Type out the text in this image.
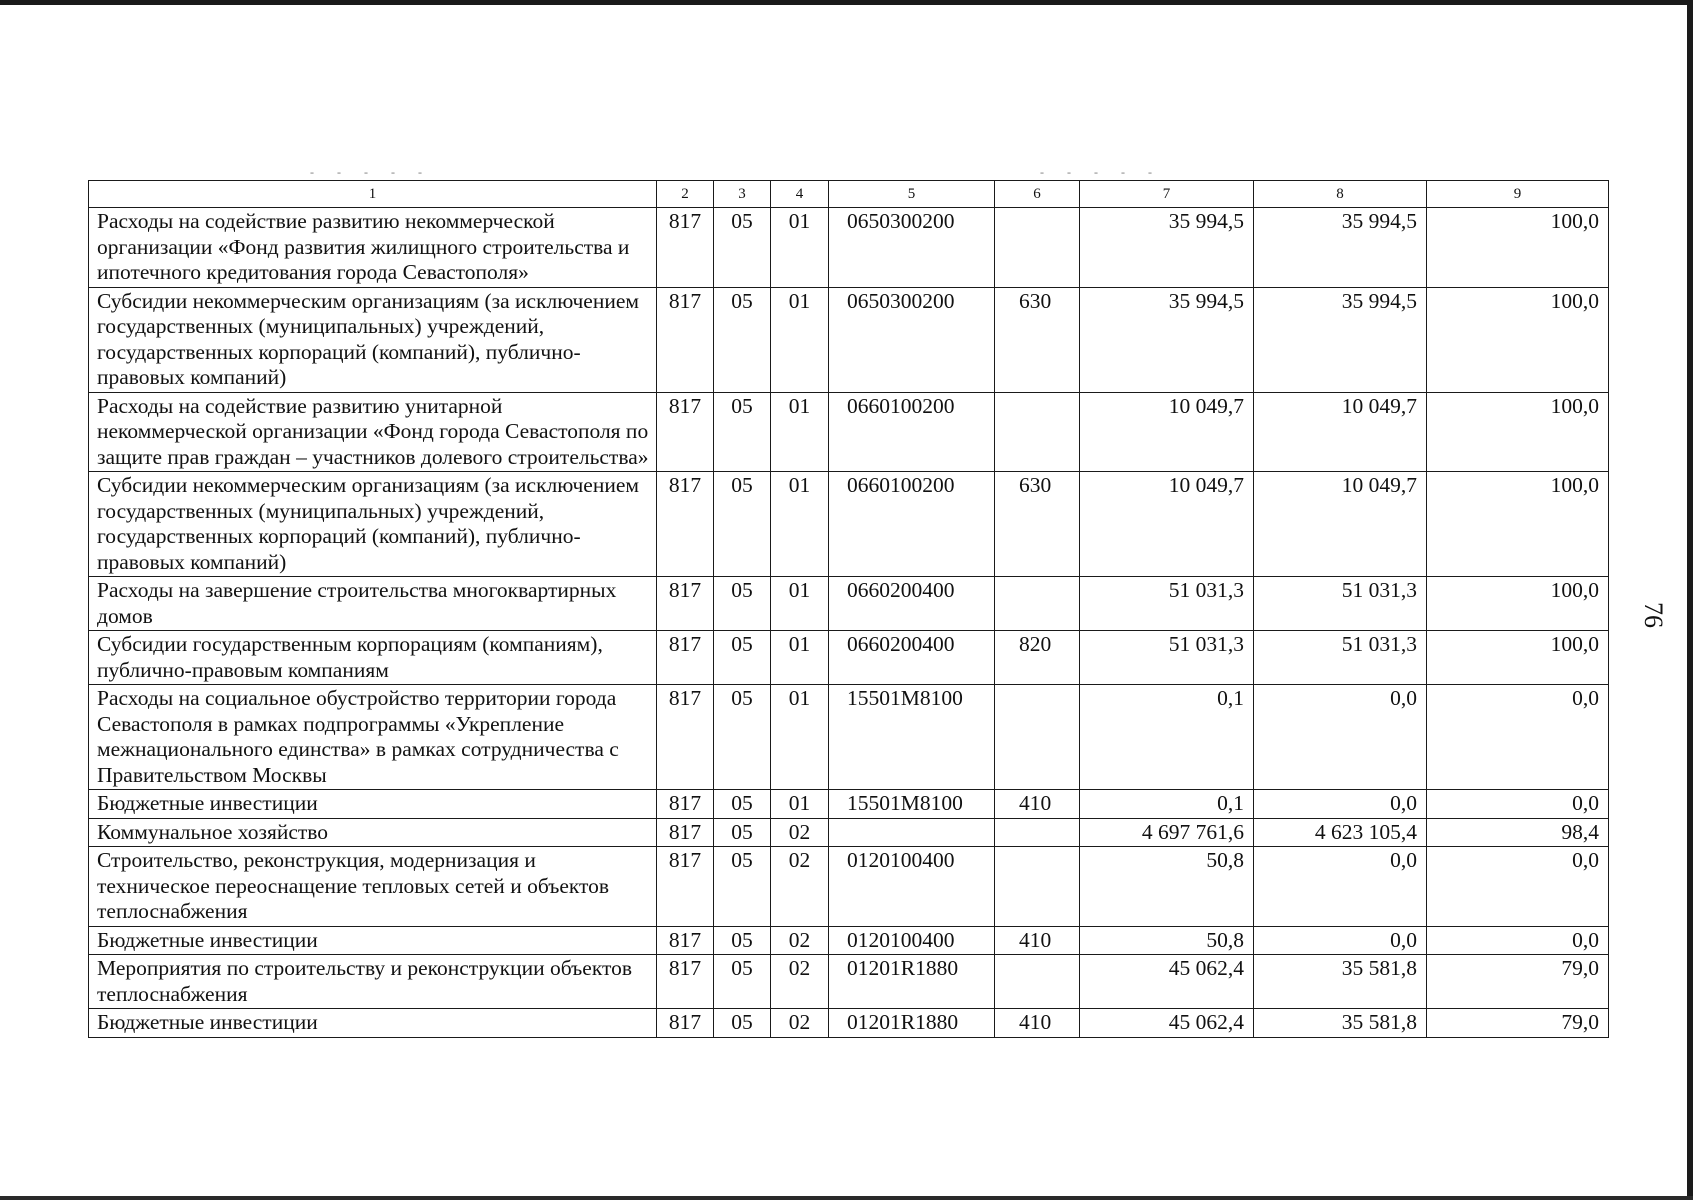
- - - - -	- - - - -
76
1	2	3	4	5	6	7	8	9
Расходы на содействие развитию некоммерческой организации «Фонд развития жилищного строительства и ипотечного кредитования города Севастополя»	817	05	01	0650300200		35 994,5	35 994,5	100,0
Субсидии некоммерческим организациям (за исключением государственных (муниципальных) учреждений, государственных корпораций (компаний), публично-правовых компаний)	817	05	01	0650300200	630	35 994,5	35 994,5	100,0
Расходы на содействие развитию унитарной некоммерческой организации «Фонд города Севастополя по защите прав граждан – участников долевого строительства»	817	05	01	0660100200		10 049,7	10 049,7	100,0
Субсидии некоммерческим организациям (за исключением государственных (муниципальных) учреждений, государственных корпораций (компаний), публично-правовых компаний)	817	05	01	0660100200	630	10 049,7	10 049,7	100,0
Расходы на завершение строительства многоквартирных домов	817	05	01	0660200400		51 031,3	51 031,3	100,0
Субсидии государственным корпорациям (компаниям), публично-правовым компаниям	817	05	01	0660200400	820	51 031,3	51 031,3	100,0
Расходы на социальное обустройство территории города Севастополя в рамках подпрограммы «Укрепление межнационального единства» в рамках сотрудничества с Правительством Москвы	817	05	01	15501M8100		0,1	0,0	0,0
Бюджетные инвестиции	817	05	01	15501M8100	410	0,1	0,0	0,0
Коммунальное хозяйство	817	05	02			4 697 761,6	4 623 105,4	98,4
Строительство, реконструкция, модернизация и техническое переоснащение тепловых сетей и объектов теплоснабжения	817	05	02	0120100400		50,8	0,0	0,0
Бюджетные инвестиции	817	05	02	0120100400	410	50,8	0,0	0,0
Мероприятия по строительству и реконструкции объектов теплоснабжения	817	05	02	01201R1880		45 062,4	35 581,8	79,0
Бюджетные инвестиции	817	05	02	01201R1880	410	45 062,4	35 581,8	79,0
